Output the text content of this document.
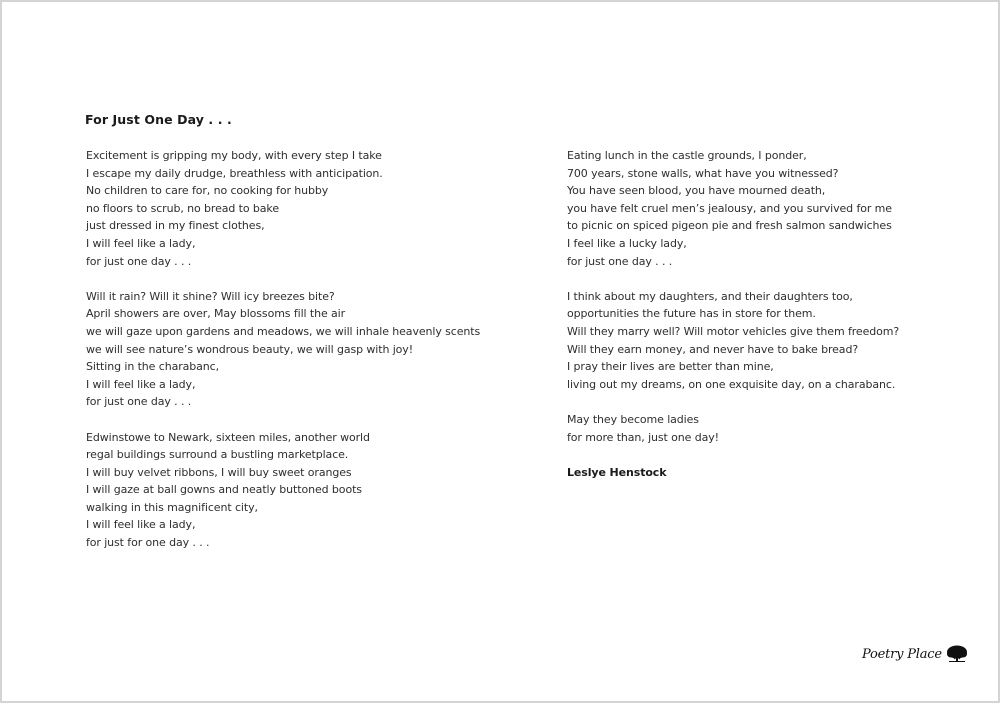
For Just One Day . . .
Excitement is gripping my body, with every step I take
I escape my daily drudge, breathless with anticipation.
No children to care for, no cooking for hubby
no floors to scrub, no bread to bake
just dressed in my finest clothes,
I will feel like a lady,
for just one day . . .
Will it rain? Will it shine? Will icy breezes bite?
April showers are over, May blossoms fill the air
we will gaze upon gardens and meadows, we will inhale heavenly scents
we will see nature’s wondrous beauty, we will gasp with joy!
Sitting in the charabanc,
I will feel like a lady,
for just one day . . .
Edwinstowe to Newark, sixteen miles, another world
regal buildings surround a bustling marketplace.
I will buy velvet ribbons, I will buy sweet oranges
I will gaze at ball gowns and neatly buttoned boots
walking in this magnificent city,
I will feel like a lady,
for just for one day . . .
Eating lunch in the castle grounds, I ponder,
700 years, stone walls, what have you witnessed?
You have seen blood, you have mourned death,
you have felt cruel men’s jealousy, and you survived for me
to picnic on spiced pigeon pie and fresh salmon sandwiches
I feel like a lucky lady,
for just one day . . .
I think about my daughters, and their daughters too,
opportunities the future has in store for them.
Will they marry well? Will motor vehicles give them freedom?
Will they earn money, and never have to bake bread?
I pray their lives are better than mine,
living out my dreams, on one exquisite day, on a charabanc.
May they become ladies
for more than, just one day!
Leslye Henstock
Poetry Place
